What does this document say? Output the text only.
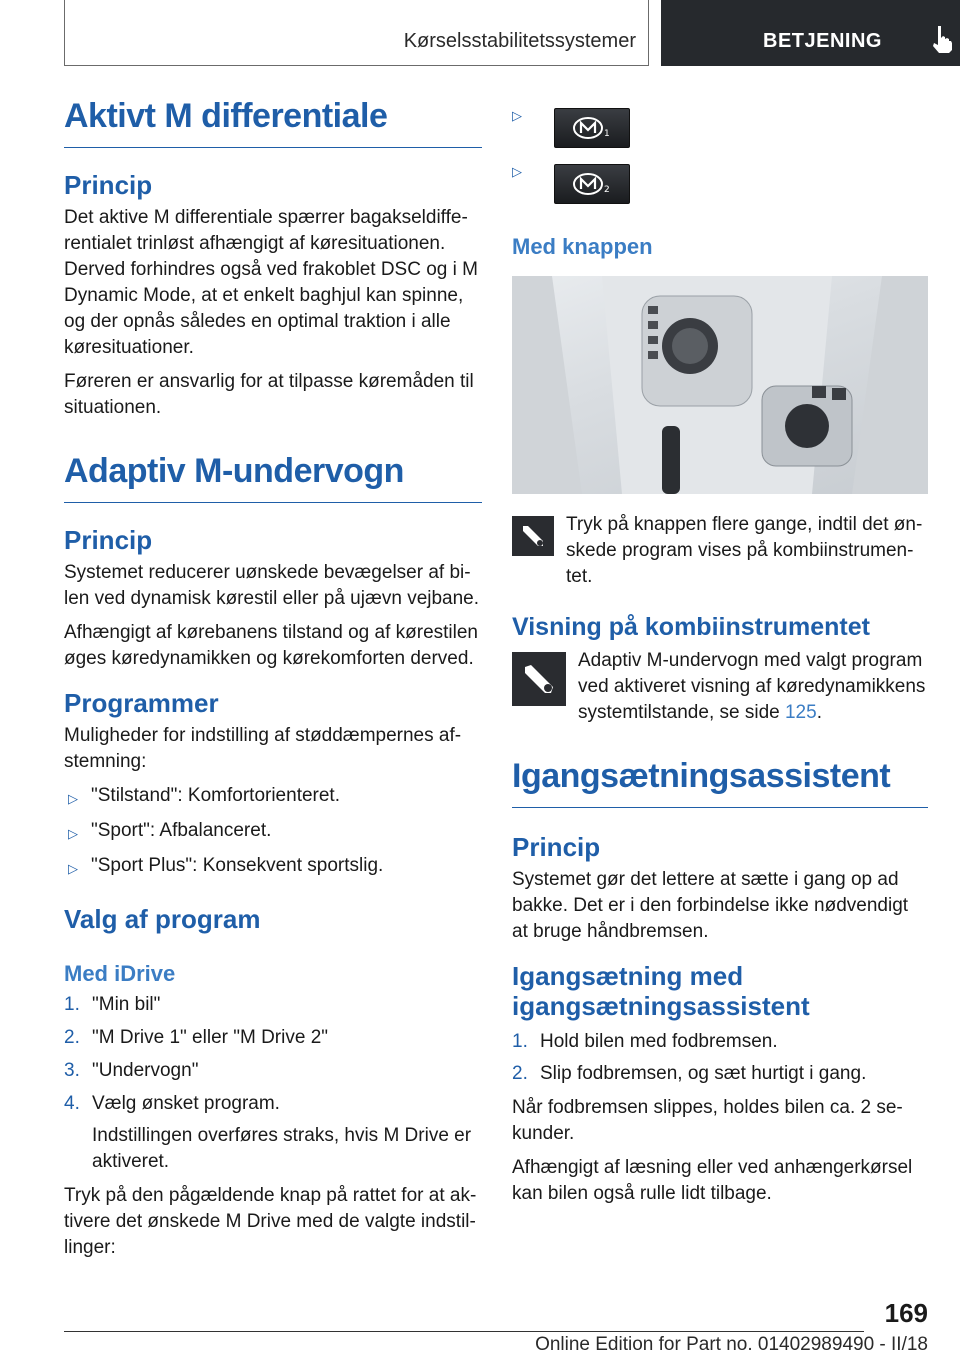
Kørselsstabilitetssystemer	BETJENING
Aktivt M differentiale
Princip
Det aktive M differentiale spærrer bagakseldiffe-rentialet trinløst afhængigt af køresituationen. Derved forhindres også ved frakoblet DSC og i M Dynamic Mode, at et enkelt baghjul kan spinne, og der opnås således en optimal traktion i alle køresituationer.
Føreren er ansvarlig for at tilpasse køremåden til situationen.
Adaptiv M-undervogn
Princip
Systemet reducerer uønskede bevægelser af bi-len ved dynamisk kørestil eller på ujævn vejbane.
Afhængigt af kørebanens tilstand og af kørestilen øges køredynamikken og kørekomforten derved.
Programmer
Muligheder for indstilling af støddæmpernes af-stemning:
▷ "Stilstand": Komfortorienteret.
▷ "Sport": Afbalanceret.
▷ "Sport Plus": Konsekvent sportslig.
Valg af program
Med iDrive
1. "Min bil"
2. "M Drive 1" eller "M Drive 2"
3. "Undervogn"
4. Vælg ønsket program.
Indstillingen overføres straks, hvis M Drive er aktiveret.
Tryk på den pågældende knap på rattet for at ak-tivere det ønskede M Drive med de valgte indstil-linger:
▷
1
▷
2
Med knappen
Tryk på knappen flere gange, indtil det øn-skede program vises på kombiinstrumen-tet.
Visning på kombiinstrumentet
Adaptiv M-undervogn med valgt program ved aktiveret visning af køredynamikkens systemtilstande, se side 125.
Igangsætningsassistent
Princip
Systemet gør det lettere at sætte i gang op ad bakke. Det er i den forbindelse ikke nødvendigt at bruge håndbremsen.
Igangsætning med igangsætningsassistent
1. Hold bilen med fodbremsen.
2. Slip fodbremsen, og sæt hurtigt i gang.
Når fodbremsen slippes, holdes bilen ca. 2 se-kunder.
Afhængigt af læsning eller ved anhængerkørsel kan bilen også rulle lidt tilbage.
169
Online Edition for Part no. 01402989490 - II/18
